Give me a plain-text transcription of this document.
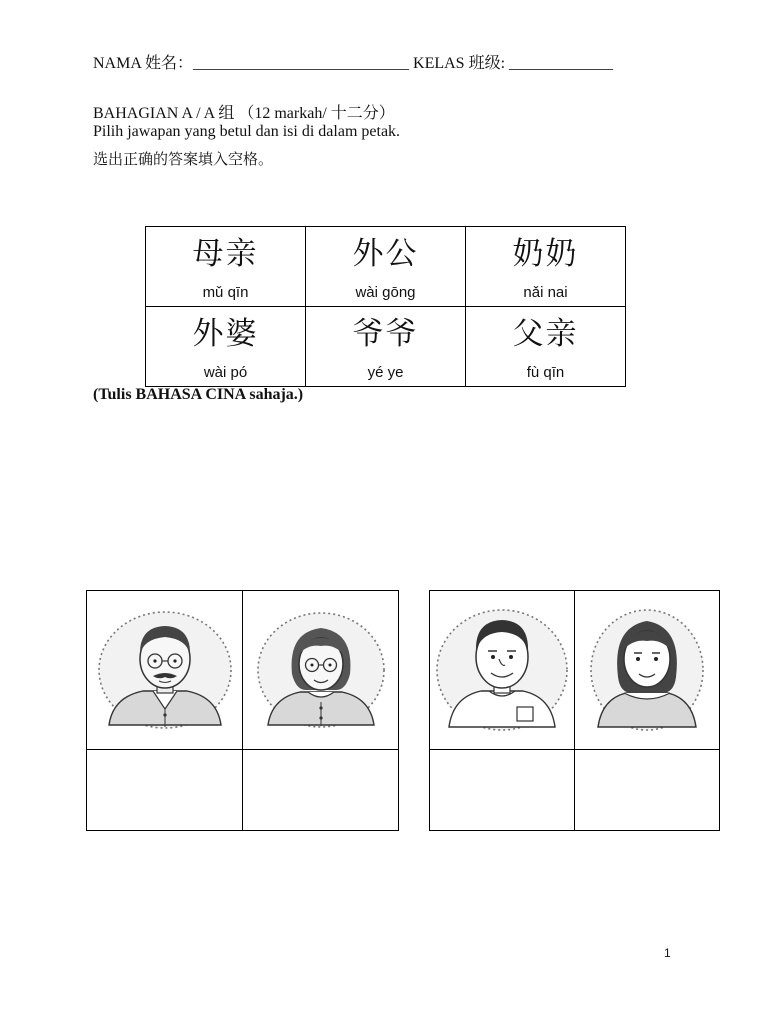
NAMA 姓名：___________________________ KELAS 班级: _____________
BAHAGIAN A / A 组 （12 markah/ 十二分）
Pilih jawapan yang betul dan isi di dalam petak.
选出正确的答案填入空格。
母亲
mǔ qīn	外公
wài gōng	奶奶
nǎi nai

外婆
wài pó	爷爷
yé ye	父亲
fù qīn
(Tulis BAHASA CINA sahaja.)

1
